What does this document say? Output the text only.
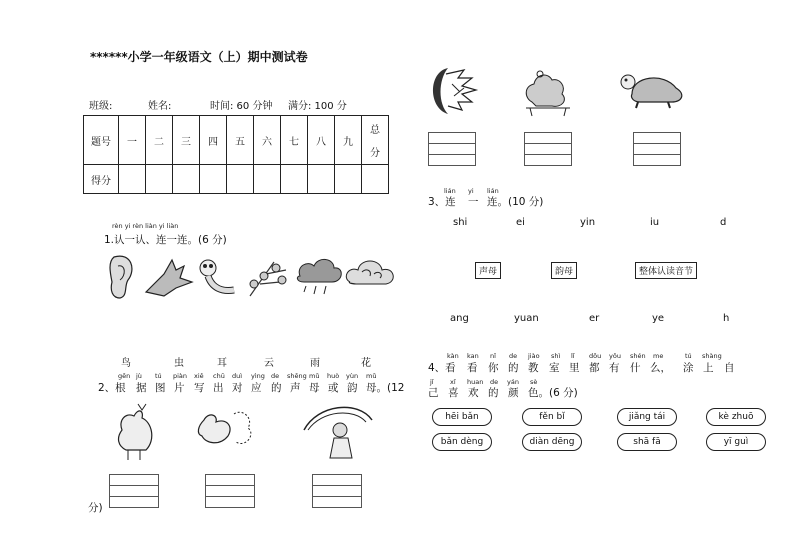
******小学一年级语文（上）期中测试卷
班级:	姓名:	时间: 60 分钟 满分: 100 分
题号	一	二	三	四	五	六	七	八	九	总
分

得分										
rèn yi rèn liàn yi liàn
1.认一认、连一连。(6 分)
鸟	虫	耳	云	雨	花
gēn jù tú piàn xiě chū duì yìng de shēng mǔ huò yùn mǔ
2、根 据 图 片 写 出 对 应 的 声 母 或 韵 母。(12
分)
lián yi lián
3、连 一 连。(10 分)
shi	ei	yin	iu	d
声母	韵母	整体认读音节
ang	yuan	er	ye	h
kàn kan nǐ de jiào shì lǐ dōu yǒu shén me	tú shàng
4、看 看 你 的 教 室 里 都 有 什 么， 涂 上 自
jǐ	xǐ huan de yán sè
己 喜 欢 的 颜 色。(6 分)
hēi bǎn	fěn bǐ	jiǎng tái	kè zhuō
bǎn dèng	diàn dēng	shā fā	yī guì
